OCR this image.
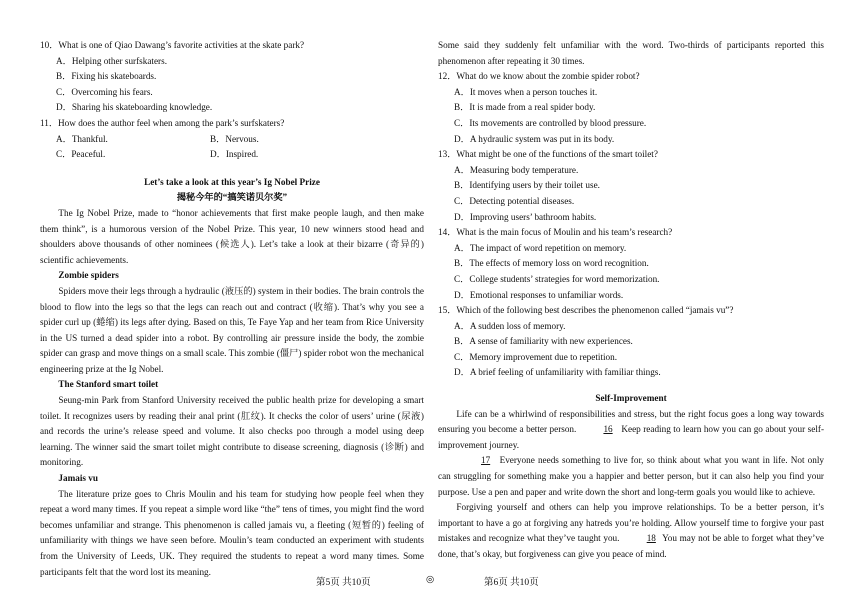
10．What is one of Qiao Dawang’s favorite activities at the skate park?

A．Helping other surfskaters.

B．Fixing his skateboards.

C．Overcoming his fears.

D．Sharing his skateboarding knowledge.

11．How does the author feel when among the park’s surfskaters?

A．Thankful.	B．Nervous.

C．Peaceful.	D．Inspired.

Let’s take a look at this year’s Ig Nobel Prize

揭秘今年的“搞笑诺贝尔奖”

The Ig Nobel Prize, made to “honor achievements that first make people laugh, and then make them think”, is a humorous version of the Nobel Prize. This year, 10 new winners stood head and shoulders above thousands of other nominees (候选人). Let’s take a look at their bizarre (奇异的) scientific achievements.

Zombie spiders

Spiders move their legs through a hydraulic (液压的) system in their bodies. The brain controls the blood to flow into the legs so that the legs can reach out and contract (收缩). That’s why you see a spider curl up (蜷缩) its legs after dying. Based on this, Te Faye Yap and her team from Rice University in the US turned a dead spider into a robot. By controlling air pressure inside the body, the zombie spider can grasp and move things on a small scale. This zombie (僵尸) spider robot won the mechanical engineering prize at the Ig Nobel.

The Stanford smart toilet

Seung-min Park from Stanford University received the public health prize for developing a smart toilet. It recognizes users by reading their anal print (肛纹). It checks the color of users’ urine (尿液) and records the urine’s release speed and volume. It also checks poo through a model using deep learning. The winner said the smart toilet might contribute to disease screening, diagnosis (诊断) and monitoring.

Jamais vu

The literature prize goes to Chris Moulin and his team for studying how people feel when they repeat a word many times. If you repeat a simple word like “the” tens of times, you might find the word becomes unfamiliar and strange. This phenomenon is called jamais vu, a fleeting (短暂的) feeling of unfamiliarity with things we have seen before. Moulin’s team conducted an experiment with students from the University of Leeds, UK. They required the students to repeat a word many times. Some participants felt that the word lost its meaning.

Some said they suddenly felt unfamiliar with the word. Two-thirds of participants reported this phenomenon after repeating it 30 times.

12．What do we know about the zombie spider robot?

A．It moves when a person touches it.

B．It is made from a real spider body.

C．Its movements are controlled by blood pressure.

D．A hydraulic system was put in its body.

13．What might be one of the functions of the smart toilet?

A．Measuring body temperature.

B．Identifying users by their toilet use.

C．Detecting potential diseases.

D．Improving users’ bathroom habits.

14．What is the main focus of Moulin and his team’s research?

A．The impact of word repetition on memory.

B．The effects of memory loss on word recognition.

C．College students’ strategies for word memorization.

D．Emotional responses to unfamiliar words.

15．Which of the following best describes the phenomenon called “jamais vu”?

A．A sudden loss of memory.

B．A sense of familiarity with new experiences.

C．Memory improvement due to repetition.

D．A brief feeling of unfamiliarity with familiar things.

Self-Improvement

Life can be a whirlwind of responsibilities and stress, but the right focus goes a long way towards ensuring you become a better person.	16 Keep reading to learn how you can go about your self-improvement journey.

17 Everyone needs something to live for, so think about what you want in life. Not only can struggling for something make you a happier and better person, but it can also help you find your purpose. Use a pen and paper and write down the short and long-term goals you would like to achieve.

Forgiving yourself and others can help you improve relationships. To be a better person, it’s important to have a go at forgiving any hatreds you’re holding. Allow yourself time to forgive your past mistakes and recognize what they’ve taught you.	18 You may not be able to forget what they’ve done, that’s okay, but forgiveness can give you peace of mind.

第5页 共10页	◎	第6页 共10页
